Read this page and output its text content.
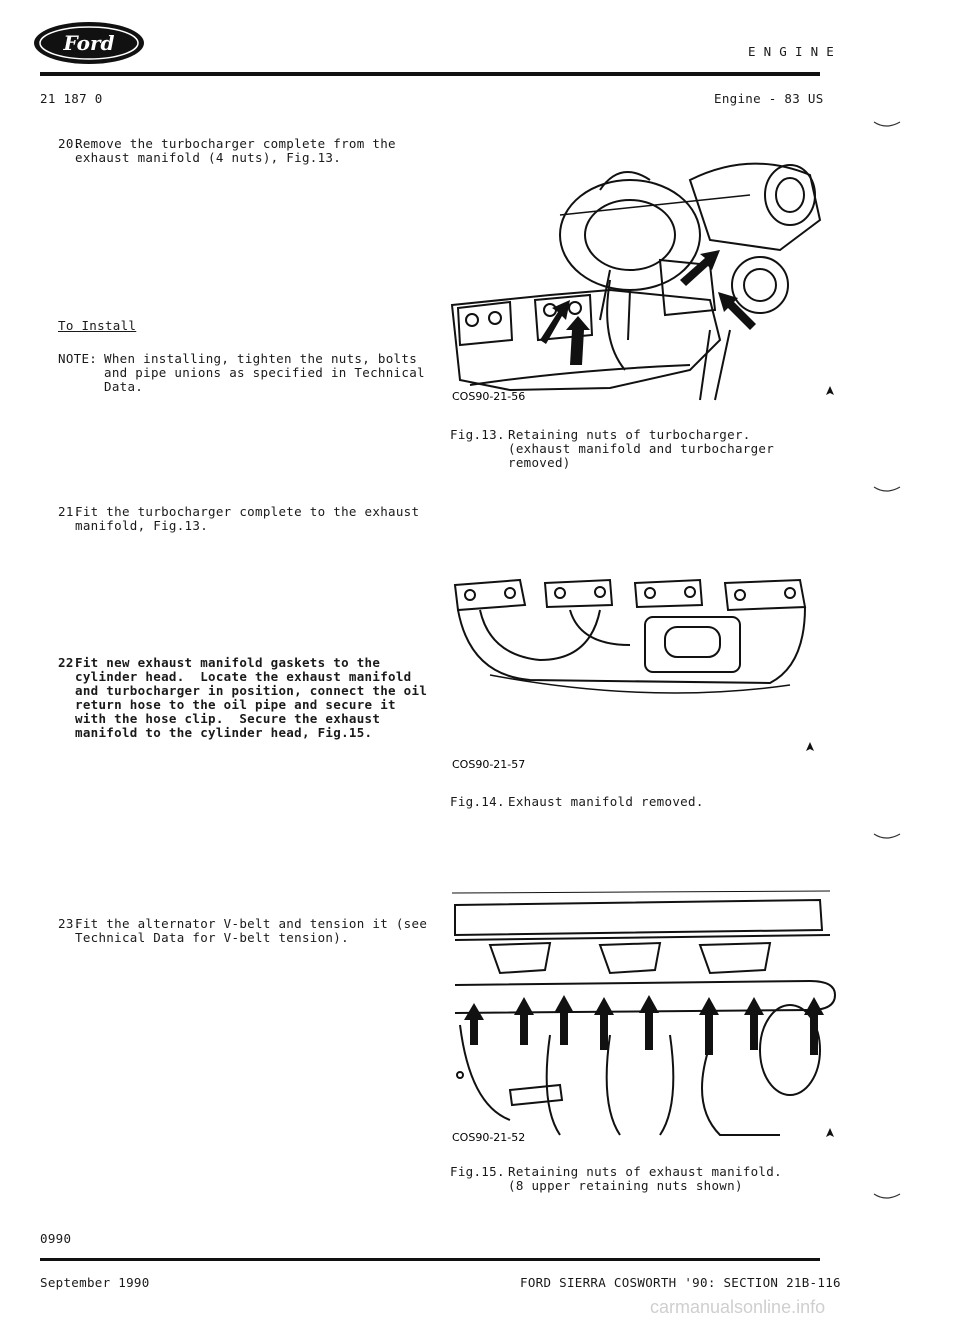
Ford	E N G I N E
21 187 0	Engine - 83 US

20.

Remove the turbocharger complete from the
exhaust manifold (4 nuts), Fig.13.

To Install

NOTE:

When installing, tighten the nuts, bolts
and pipe unions as specified in Technical
Data.

21.

Fit the turbocharger complete to the exhaust
manifold, Fig.13.

22.

Fit new exhaust manifold gaskets to the
cylinder head.  Locate the exhaust manifold
and turbocharger in position, connect the oil
return hose to the oil pipe and secure it
with the hose clip.  Secure the exhaust
manifold to the cylinder head, Fig.15.

23.

Fit the alternator V-belt and tension it (see
Technical Data for V-belt tension).

COS90-21-56

Fig.13.

Retaining nuts of turbocharger.
(exhaust manifold and turbocharger
removed)

COS90-21-57

Fig.14.

Exhaust manifold removed.

COS90-21-52

Fig.15.

Retaining nuts of exhaust manifold.
(8 upper retaining nuts shown)

0990
September 1990	FORD SIERRA COSWORTH '90: SECTION 21B-116
carmanualsonline.info
